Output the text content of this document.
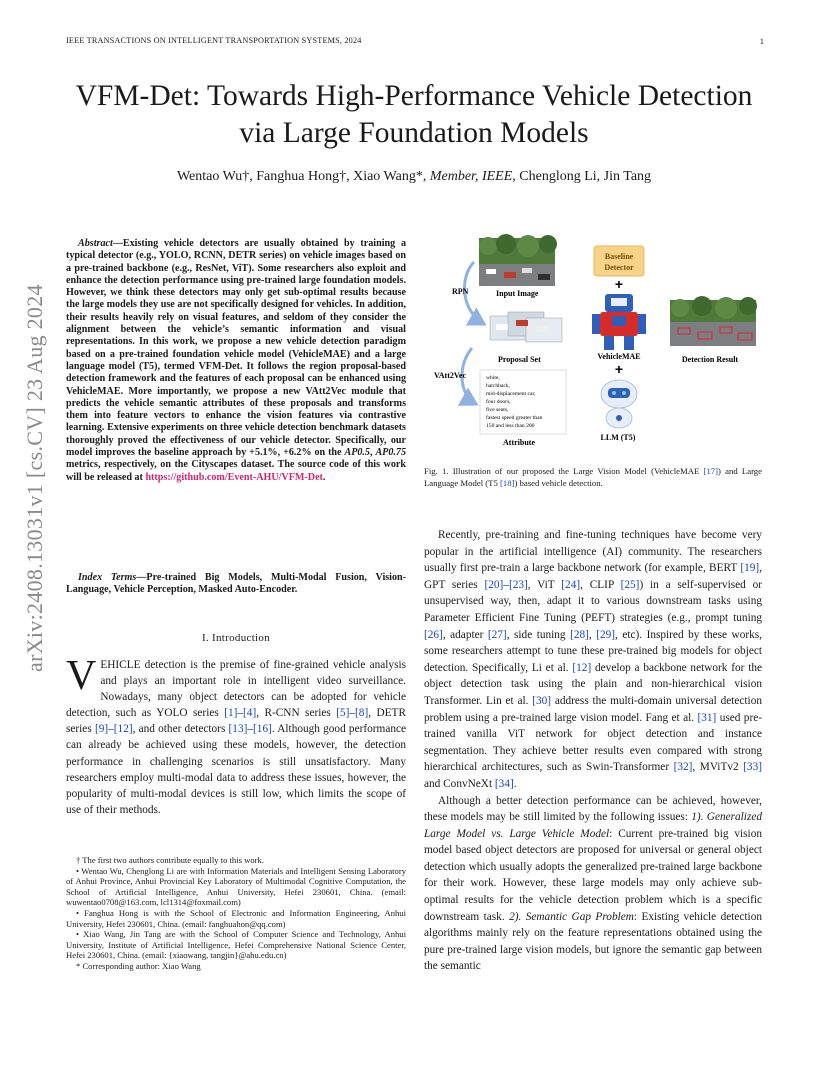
IEEE TRANSACTIONS ON INTELLIGENT TRANSPORTATION SYSTEMS, 2024	1
arXiv:2408.13031v1 [cs.CV] 23 Aug 2024
VFM-Det: Towards High-Performance Vehicle Detection via Large Foundation Models
Wentao Wu†, Fanghua Hong†, Xiao Wang*, Member, IEEE, Chenglong Li, Jin Tang
Abstract—Existing vehicle detectors are usually obtained by training a typical detector (e.g., YOLO, RCNN, DETR series) on vehicle images based on a pre-trained backbone (e.g., ResNet, ViT). Some researchers also exploit and enhance the detection performance using pre-trained large foundation models. However, we think these detectors may only get sub-optimal results because the large models they use are not specifically designed for vehicles. In addition, their results heavily rely on visual features, and seldom of they consider the alignment between the vehicle’s semantic information and visual representations. In this work, we propose a new vehicle detection paradigm based on a pre-trained foundation vehicle model (VehicleMAE) and a large language model (T5), termed VFM-Det. It follows the region proposal-based detection framework and the features of each proposal can be enhanced using VehicleMAE. More importantly, we propose a new VAtt2Vec module that predicts the vehicle semantic attributes of these proposals and transforms them into feature vectors to enhance the vision features via contrastive learning. Extensive experiments on three vehicle detection benchmark datasets thoroughly proved the effectiveness of our vehicle detector. Specifically, our model improves the baseline approach by +5.1%, +6.2% on the AP0.5, AP0.75 metrics, respectively, on the Cityscapes dataset. The source code of this work will be released at https://github.com/Event-AHU/VFM-Det.
Index Terms—Pre-trained Big Models, Multi-Modal Fusion, Vision-Language, Vehicle Perception, Masked Auto-Encoder.
I. Introduction
VEHICLE detection is the premise of fine-grained vehicle analysis and plays an important role in intelligent video surveillance. Nowadays, many object detectors can be adopted for vehicle detection, such as YOLO series [1]–[4], R-CNN series [5]–[8], DETR series [9]–[12], and other detectors [13]–[16]. Although good performance can already be achieved using these models, however, the detection performance in challenging scenarios is still unsatisfactory. Many researchers employ multi-modal data to address these issues, however, the popularity of multi-modal devices is still low, which limits the scope of use of their methods.

† The first two authors contribute equally to this work.

• Wentao Wu, Chenglong Li are with Information Materials and Intelligent Sensing Laboratory of Anhui Province, Anhui Provincial Key Laboratory of Multimodal Cognitive Computation, the School of Artificial Intelligence, Anhui University, Hefei 230601, China. (email: wuwentao0708@163.com, lcl1314@foxmail.com)

• Fanghua Hong is with the School of Electronic and Information Engineering, Anhui University, Hefei 230601, China. (email: fanghuahon@qq.com)

• Xiao Wang, Jin Tang are with the School of Computer Science and Technology, Anhui University, Institute of Artificial Intelligence, Hefei Comprehensive National Science Center, Hefei 230601, China. (email: {xiaowang, tangjin}@ahu.edu.cn)

* Corresponding author: Xiao Wang

Input Image
Proposal Set
white,
hatchback,
mid-displacement car,
four doors,
five seats,
fastest speed greater than
150 and less than 200
Attribute
RPN
VAtt2Vec
Baseline
Detector
+
VehicleMAE
+
LLM (T5)
Detection Result
Fig. 1. Illustration of our proposed the Large Vision Model (VehicleMAE [17]) and Large Language Model (T5 [18]) based vehicle detection.

Recently, pre-training and fine-tuning techniques have become very popular in the artificial intelligence (AI) community. The researchers usually first pre-train a large backbone network (for example, BERT [19], GPT series [20]–[23], ViT [24], CLIP [25]) in a self-supervised or unsupervised way, then, adapt it to various downstream tasks using Parameter Efficient Fine Tuning (PEFT) strategies (e.g., prompt tuning [26], adapter [27], side tuning [28], [29], etc). Inspired by these works, some researchers attempt to tune these pre-trained big models for object detection. Specifically, Li et al. [12] develop a backbone network for the object detection task using the plain and non-hierarchical vision Transformer. Lin et al. [30] address the multi-domain universal detection problem using a pre-trained large vision model. Fang et al. [31] used pre-trained vanilla ViT network for object detection and instance segmentation. They achieve better results even compared with strong hierarchical architectures, such as Swin-Transformer [32], MViTv2 [33] and ConvNeXt [34].

Although a better detection performance can be achieved, however, these models may be still limited by the following issues: 1). Generalized Large Model vs. Large Vehicle Model: Current pre-trained big vision model based object detectors are proposed for universal or general object detection which usually adopts the generalized pre-trained large backbone for their work. However, these large models may only achieve sub-optimal results for the vehicle detection problem which is a specific downstream task. 2). Semantic Gap Problem: Existing vehicle detection algorithms mainly rely on the feature representations obtained using the pure pre-trained large vision models, but ignore the semantic gap between the semantic
